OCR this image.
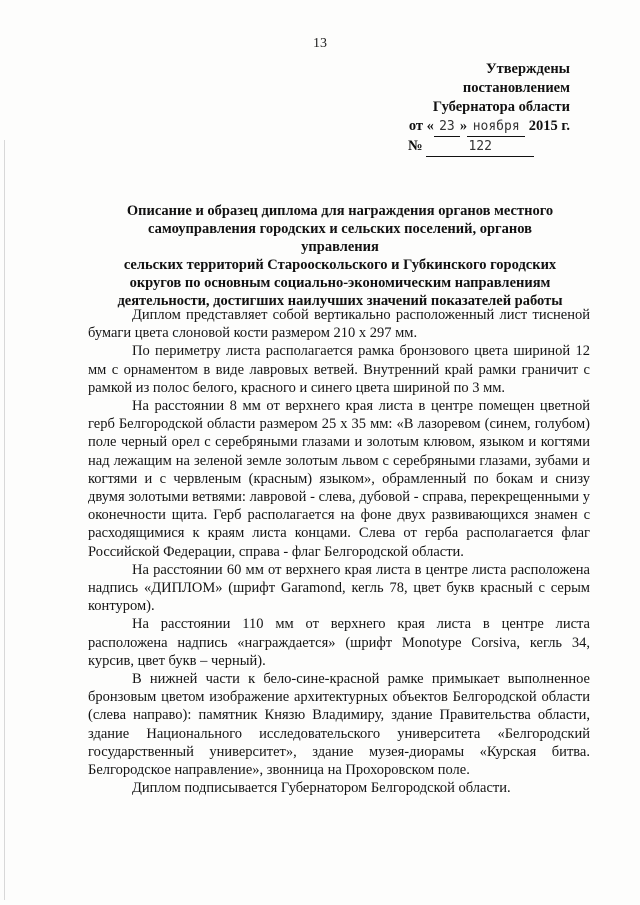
13
Утверждены
постановлением
Губернатора области
от « 23 » ноября 2015 г.
№	122
Описание и образец диплома для награждения органов местного
самоуправления городских и сельских поселений, органов управления
сельских территорий Старооскольского и Губкинского городских
округов по основным социально-экономическим направлениям
деятельности, достигших наилучших значений показателей работы

Диплом представляет собой вертикально расположенный лист тисненой бумаги цвета слоновой кости размером 210 х 297 мм.

По периметру листа располагается рамка бронзового цвета шириной 12 мм с орнаментом в виде лавровых ветвей. Внутренний край рамки граничит с рамкой из полос белого, красного и синего цвета шириной по 3 мм.

На расстоянии 8 мм от верхнего края листа в центре помещен цветной герб Белгородской области размером 25 х 35 мм: «В лазоревом (синем, голубом) поле черный орел с серебряными глазами и золотым клювом, языком и когтями над лежащим на зеленой земле золотым львом с серебряными глазами, зубами и когтями и с червленым (красным) языком», обрамленный по бокам и снизу двумя золотыми ветвями: лавровой - слева, дубовой - справа, перекрещенными у оконечности щита. Герб располагается на фоне двух развивающихся знамен с расходящимися к краям листа концами. Слева от герба располагается флаг Российской Федерации, справа - флаг Белгородской области.

На расстоянии 60 мм от верхнего края листа в центре листа расположена надпись «ДИПЛОМ» (шрифт Garamond, кегль 78, цвет букв красный с серым контуром).

На расстоянии 110 мм от верхнего края листа в центре листа расположена надпись «награждается» (шрифт Monotype Corsiva, кегль 34, курсив, цвет букв – черный).

В нижней части к бело-сине-красной рамке примыкает выполненное бронзовым цветом изображение архитектурных объектов Белгородской области (слева направо): памятник Князю Владимиру, здание Правительства области, здание Национального исследовательского университета «Белгородский государственный университет», здание музея-диорамы «Курская битва. Белгородское направление», звонница на Прохоровском поле.

Диплом подписывается Губернатором Белгородской области.
